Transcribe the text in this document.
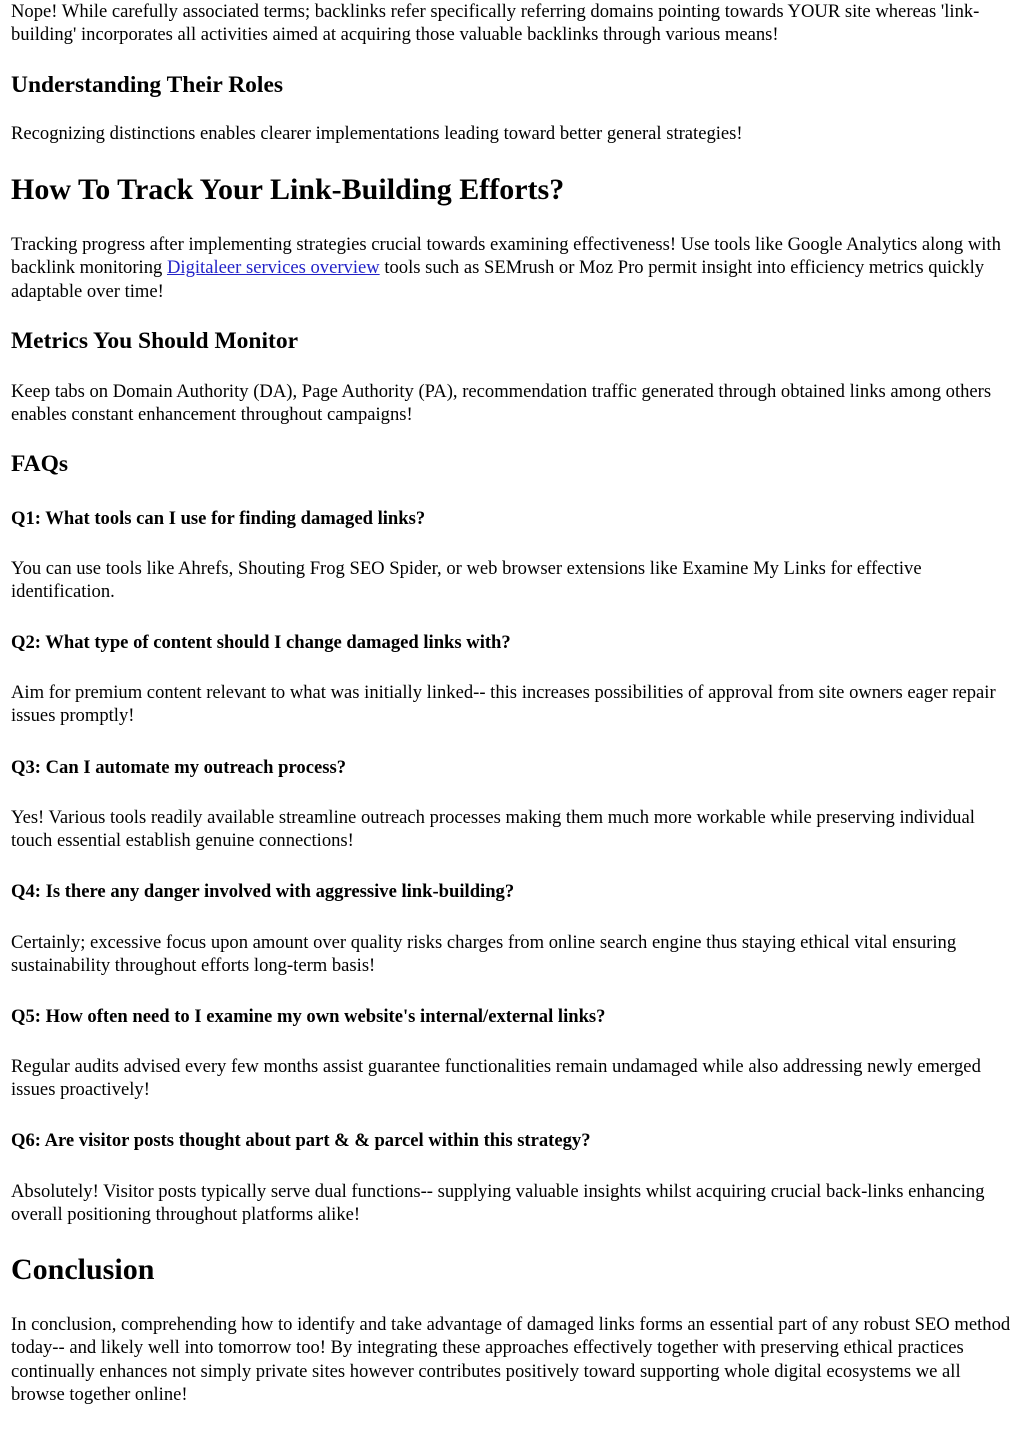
Nope! While carefully associated terms; backlinks refer specifically referring domains pointing towards YOUR site whereas 'link-building' incorporates all activities aimed at acquiring those valuable backlinks through various means!

Understanding Their Roles

Recognizing distinctions enables clearer implementations leading toward better general strategies!

How To Track Your Link-Building Efforts?

Tracking progress after implementing strategies crucial towards examining effectiveness! Use tools like Google Analytics along with backlink monitoring Digitaleer services overview tools such as SEMrush or Moz Pro permit insight into efficiency metrics quickly adaptable over time!

Metrics You Should Monitor

Keep tabs on Domain Authority (DA), Page Authority (PA), recommendation traffic generated through obtained links among others enables constant enhancement throughout campaigns!

FAQs
Q1: What tools can I use for finding damaged links?

You can use tools like Ahrefs, Shouting Frog SEO Spider, or web browser extensions like Examine My Links for effective identification.

Q2: What type of content should I change damaged links with?

Aim for premium content relevant to what was initially linked-- this increases possibilities of approval from site owners eager repair issues promptly!

Q3: Can I automate my outreach process?

Yes! Various tools readily available streamline outreach processes making them much more workable while preserving individual touch essential establish genuine connections!

Q4: Is there any danger involved with aggressive link-building?

Certainly; excessive focus upon amount over quality risks charges from online search engine thus staying ethical vital ensuring sustainability throughout efforts long-term basis!

Q5: How often need to I examine my own website's internal/external links?

Regular audits advised every few months assist guarantee functionalities remain undamaged while also addressing newly emerged issues proactively!

Q6: Are visitor posts thought about part & & parcel within this strategy?

Absolutely! Visitor posts typically serve dual functions-- supplying valuable insights whilst acquiring crucial back-links enhancing overall positioning throughout platforms alike!

Conclusion

In conclusion, comprehending how to identify and take advantage of damaged links forms an essential part of any robust SEO method today-- and likely well into tomorrow too! By integrating these approaches effectively together with preserving ethical practices continually enhances not simply private sites however contributes positively toward supporting whole digital ecosystems we all browse together online!
